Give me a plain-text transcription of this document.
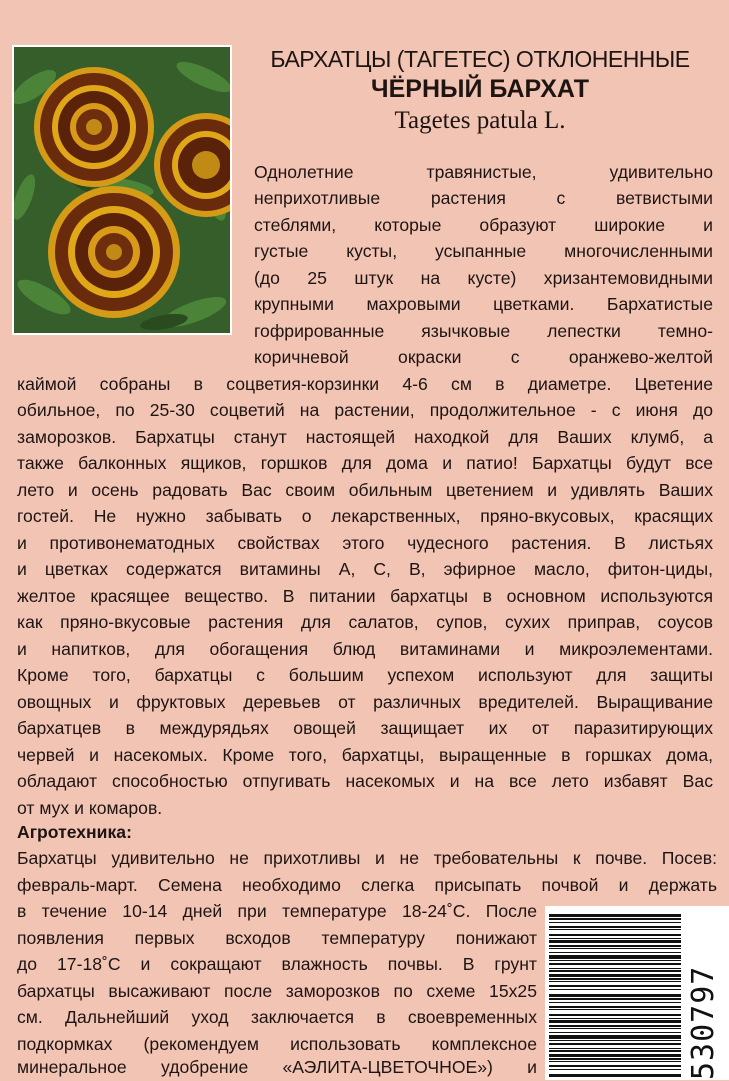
БАРХАТЦЫ (ТАГЕТЕС) ОТКЛОНЕННЫЕ
ЧЁРНЫЙ БАРХАТ
Tagetes patula L.
Однолетние травянистые, удивительно
неприхотливые растения с ветвистыми
стеблями, которые образуют широкие и
густые кусты, усыпанные многочисленными
(до 25 штук на кусте) хризантемовидными
крупными махровыми цветками. Бархатистые
гофрированные язычковые лепестки темно-
коричневой окраски с оранжево-желтой
каймой собраны в соцветия-корзинки 4-6 см в диаметре. Цветение
обильное, по 25-30 соцветий на растении, продолжительное - с июня до
заморозков. Бархатцы станут настоящей находкой для Ваших клумб, а
также балконных ящиков, горшков для дома и патио! Бархатцы будут все
лето и осень радовать Вас своим обильным цветением и удивлять Ваших
гостей. Не нужно забывать о лекарственных, пряно-вкусовых, красящих
и противонематодных свойствах этого чудесного растения. В листьях
и цветках содержатся витамины А, С, В, эфирное масло, фитон-циды,
желтое красящее вещество. В питании бархатцы в основном используются
как пряно-вкусовые растения для салатов, супов, сухих приправ, соусов
и напитков, для обогащения блюд витаминами и микроэлементами.
Кроме того, бархатцы с большим успехом используют для защиты
овощных и фруктовых деревьев от различных вредителей. Выращивание
бархатцев в междурядьях овощей защищает их от паразитирующих
червей и насекомых. Кроме того, бархатцы, выращенные в горшках дома,
обладают способностью отпугивать насекомых и на все лето избавят Вас
от мух и комаров.
Агротехника:
Бархатцы удивительно не прихотливы и не требовательны к почве. Посев:
февраль-март. Семена необходимо слегка присыпать почвой и держать
в течение 10-14 дней при температуре 18-24˚С. После
появления первых всходов температуру понижают
до 17-18˚С и сокращают влажность почвы. В грунт
бархатцы высаживают после заморозков по схеме 15х25
см. Дальнейший уход заключается в своевременных
подкормках (рекомендуем использовать комплексное
минеральное удобрение «АЭЛИТА-ЦВЕТОЧНОЕ») и	530797
